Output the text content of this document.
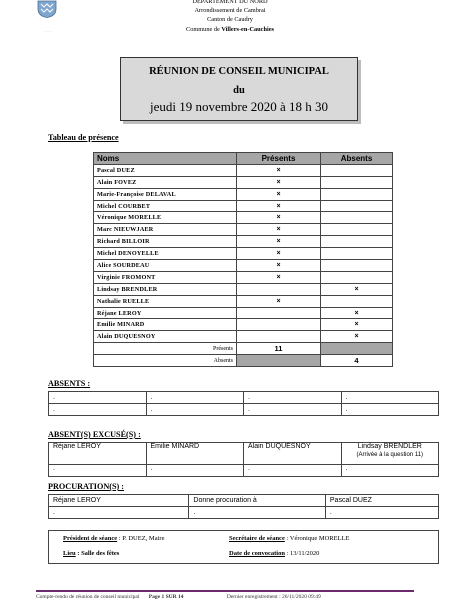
· · · · ·
DEPARTEMENT DU NORD
Arrondissement de Cambrai
Canton de Caudry
Commune de Villers-en-Cauchies
RÉUNION DE CONSEIL MUNICIPAL
du
jeudi 19 novembre 2020 à 18 h 30
Tableau de présence
Noms	Présents	Absents
Pascal DUEZ	×	
Alain FOVEZ	×	
Marie-Françoise DELAVAL	×	
Michel COURBET	×	
Véronique MORELLE	×	
Marc NIEUWJAER	×	
Richard BILLOIR	×	
Michel DENOYELLE	×	
Alice SOURDEAU	×	
Virginie FROMONT	×	
Lindsay BRENDLER		×
Nathalie RUELLE	×	
Réjane LEROY		×
Emilie MINARD		×
Alain DUQUESNOY		×
Présents	11	
Absents		4
ABSENTS :
.	.	.	.
.	.	.	.
ABSENT(S) EXCUSÉ(S) :
Réjane LEROY	Emilie MINARD	Alain DUQUESNOY	Lindsay BRENDLER
(Arrivée à la question 11)

.	.	.	.
PROCURATION(S) :
Réjane LEROY	Donne procuration à	Pascal DUEZ
.	.	.
Président de séance : P. DUEZ, Maire	Secrétaire de séance : Véronique MORELLE
Lieu : Salle des fêtes	Date de convocation : 13/11/2020
Compte-rendu de réunion de conseil municipal Page 1 SUR 14	Dernier enregistrement : 26/11/2020 09:49
